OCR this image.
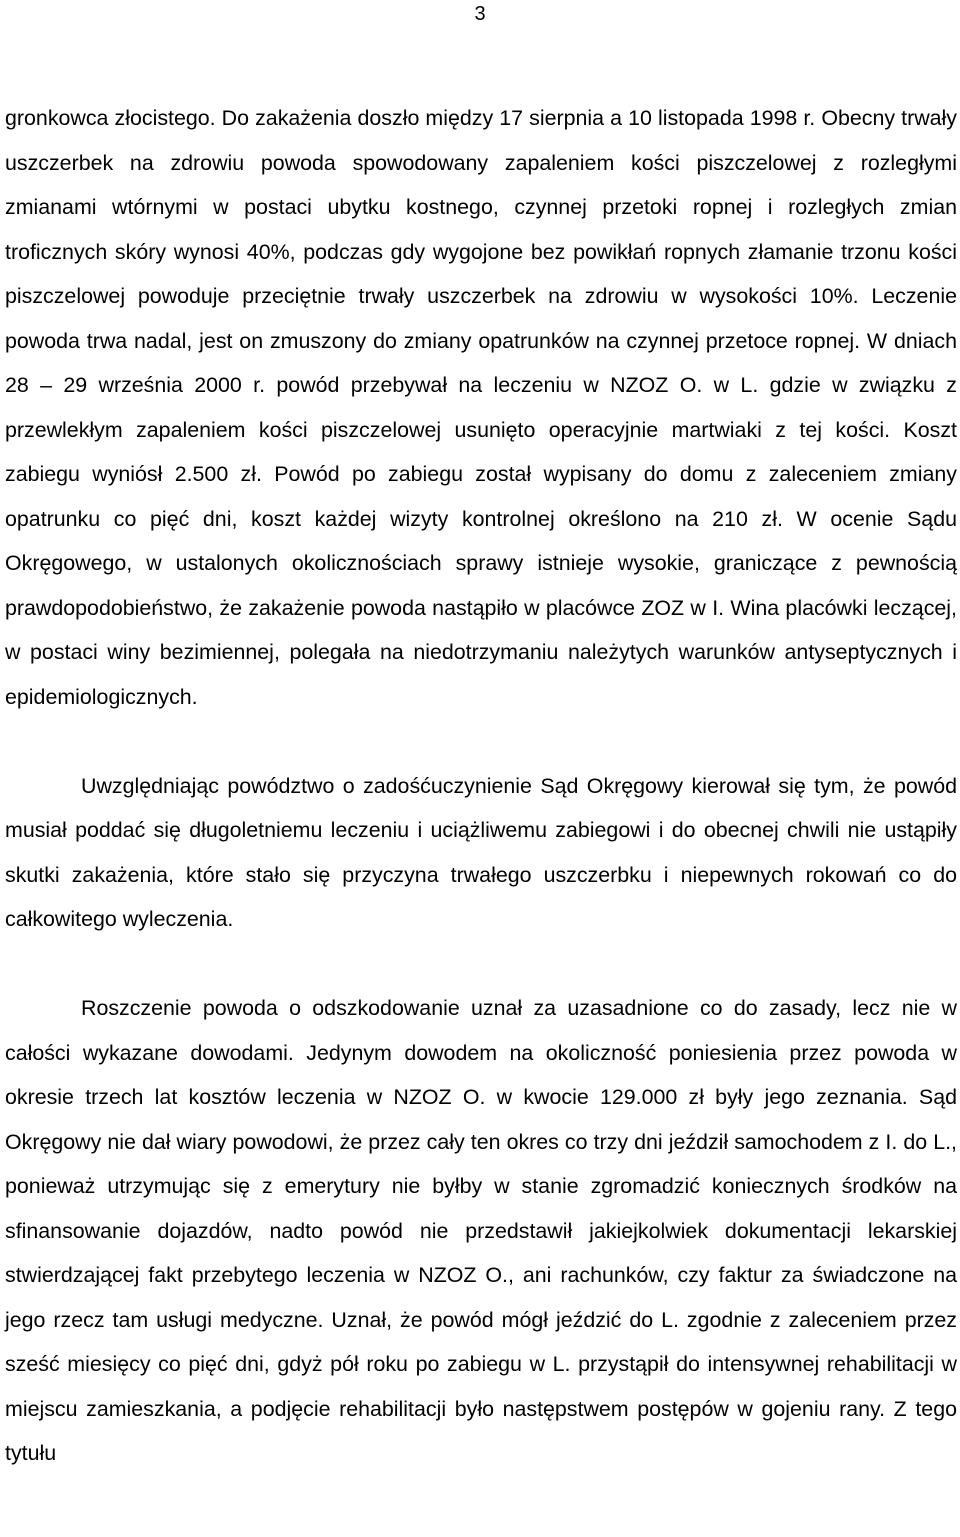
3

gronkowca złocistego. Do zakażenia doszło między 17 sierpnia a 10 listopada 1998 r. Obecny trwały uszczerbek na zdrowiu powoda spowodowany zapaleniem kości piszczelowej z rozległymi zmianami wtórnymi w postaci ubytku kostnego, czynnej przetoki ropnej i rozległych zmian troficznych skóry wynosi 40%, podczas gdy wygojone bez powikłań ropnych złamanie trzonu kości piszczelowej powoduje przeciętnie trwały uszczerbek na zdrowiu w wysokości 10%. Leczenie powoda trwa nadal, jest on zmuszony do zmiany opatrunków na czynnej przetoce ropnej. W dniach 28 – 29 września 2000 r. powód przebywał na leczeniu w NZOZ O. w L. gdzie w związku z przewlekłym zapaleniem kości piszczelowej usunięto operacyjnie martwiaki z tej kości. Koszt zabiegu wyniósł 2.500 zł. Powód po zabiegu został wypisany do domu z zaleceniem zmiany opatrunku co pięć dni, koszt każdej wizyty kontrolnej określono na 210 zł. W ocenie Sądu Okręgowego, w ustalonych okolicznościach sprawy istnieje wysokie, graniczące z pewnością prawdopodobieństwo, że zakażenie powoda nastąpiło w placówce ZOZ w I. Wina placówki leczącej, w postaci winy bezimiennej, polegała na niedotrzymaniu należytych warunków antyseptycznych i epidemiologicznych.

Uwzględniając powództwo o zadośćuczynienie Sąd Okręgowy kierował się tym, że powód musiał poddać się długoletniemu leczeniu i uciążliwemu zabiegowi i do obecnej chwili nie ustąpiły skutki zakażenia, które stało się przyczyna trwałego uszczerbku i niepewnych rokowań co do całkowitego wyleczenia.

Roszczenie powoda o odszkodowanie uznał za uzasadnione co do zasady, lecz nie w całości wykazane dowodami. Jedynym dowodem na okoliczność poniesienia przez powoda w okresie trzech lat kosztów leczenia w NZOZ O. w kwocie 129.000 zł były jego zeznania. Sąd Okręgowy nie dał wiary powodowi, że przez cały ten okres co trzy dni jeździł samochodem z I. do L., ponieważ utrzymując się z emerytury nie byłby w stanie zgromadzić koniecznych środków na sfinansowanie dojazdów, nadto powód nie przedstawił jakiejkolwiek dokumentacji lekarskiej stwierdzającej fakt przebytego leczenia w NZOZ O., ani rachunków, czy faktur za świadczone na jego rzecz tam usługi medyczne. Uznał, że powód mógł jeździć do L. zgodnie z zaleceniem przez sześć miesięcy co pięć dni, gdyż pół roku po zabiegu w L. przystąpił do intensywnej rehabilitacji w miejscu zamieszkania, a podjęcie rehabilitacji było następstwem postępów w gojeniu rany. Z tego tytułu
